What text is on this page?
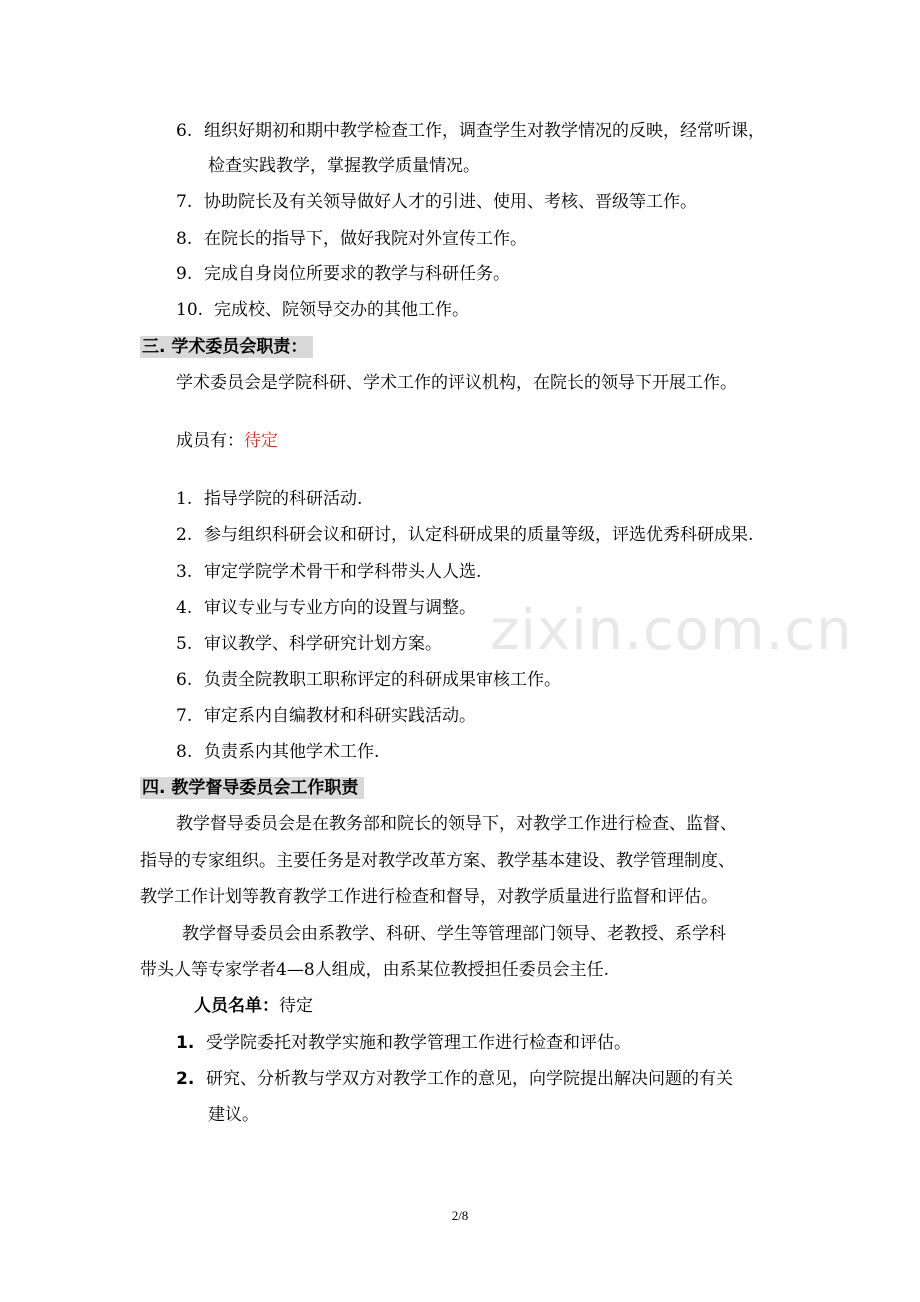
6. 组织好期初和期中教学检查工作，调查学生对教学情况的反映，经常听课，
检查实践教学，掌握教学质量情况。
7. 协助院长及有关领导做好人才的引进、使用、考核、晋级等工作。
8. 在院长的指导下，做好我院对外宣传工作。
9. 完成自身岗位所要求的教学与科研任务。
10. 完成校、院领导交办的其他工作。
三. 学术委员会职责：
学术委员会是学院科研、学术工作的评议机构，在院长的领导下开展工作。
成员有：待定
1. 指导学院的科研活动.
2. 参与组织科研会议和研讨，认定科研成果的质量等级，评选优秀科研成果.
3. 审定学院学术骨干和学科带头人人选.
4. 审议专业与专业方向的设置与调整。
5. 审议教学、科学研究计划方案。
6. 负责全院教职工职称评定的科研成果审核工作。
7. 审定系内自编教材和科研实践活动。
8. 负责系内其他学术工作.
四. 教学督导委员会工作职责
教学督导委员会是在教务部和院长的领导下，对教学工作进行检查、监督、
指导的专家组织。主要任务是对教学改革方案、教学基本建设、教学管理制度、
教学工作计划等教育教学工作进行检查和督导，对教学质量进行监督和评估。
教学督导委员会由系教学、科研、学生等管理部门领导、老教授、系学科
带头人等专家学者4—8人组成，由系某位教授担任委员会主任.
人员名单：待定
1. 受学院委托对教学实施和教学管理工作进行检查和评估。
2. 研究、分析教与学双方对教学工作的意见，向学院提出解决问题的有关
建议。
zixin.com.cn
2/8
